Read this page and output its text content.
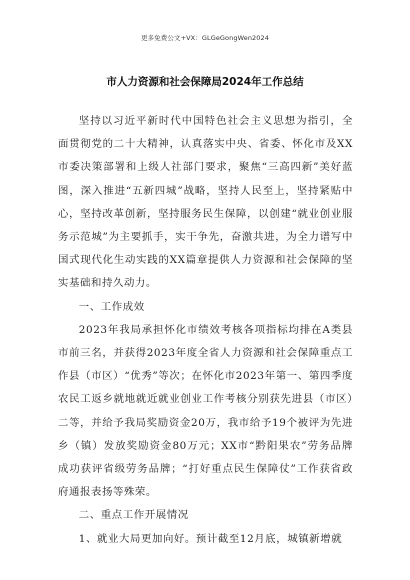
更多免费公文+VX：GLGeGongWen2024
市人力资源和社会保障局2024年工作总结

坚持以习近平新时代中国特色社会主义思想为指引，全面贯彻党的二十大精神，认真落实中央、省委、怀化市及XX市委决策部署和上级人社部门要求，聚焦“三高四新”美好蓝图，深入推进“五新四城”战略，坚持人民至上，坚持紧贴中心，坚持改革创新，坚持服务民生保障，以创建“就业创业服务示范城”为主要抓手，实干争先，奋激共进，为全力谱写中国式现代化生动实践的XX篇章提供人力资源和社会保障的坚实基础和持久动力。

一、工作成效

2023年我局承担怀化市绩效考核各项指标均排在A类县市前三名，并获得2023年度全省人力资源和社会保障重点工作县（市区）“优秀”等次；在怀化市2023年第一、第四季度农民工返乡就地就近就业创业工作考核分别获先进县（市区）二等，并给予我局奖励资金20万，我市给予19个被评为先进乡（镇）发放奖励资金80万元；XX市“黔阳果农”劳务品牌成功获评省级劳务品牌；“打好重点民生保障仗”工作获省政府通报表扬等殊荣。

二、重点工作开展情况

1、就业大局更加向好。预计截至12月底，城镇新增就
